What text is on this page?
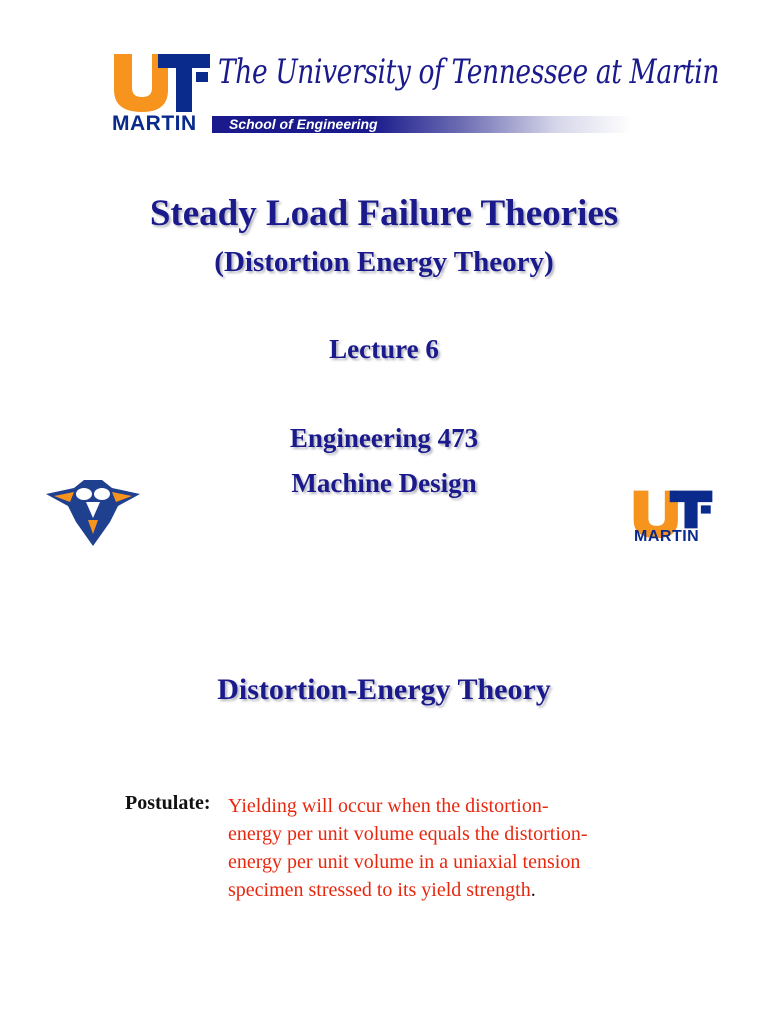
MARTIN
The University of Tennessee at Martin
School of Engineering
Steady Load Failure Theories
(Distortion Energy Theory)
Lecture 6
Engineering 473
Machine Design
MARTIN
Distortion-Energy Theory
Postulate: Yielding will occur when the distortion-
energy per unit volume equals the distortion-
energy per unit volume in a uniaxial tension
specimen stressed to its yield strength.
